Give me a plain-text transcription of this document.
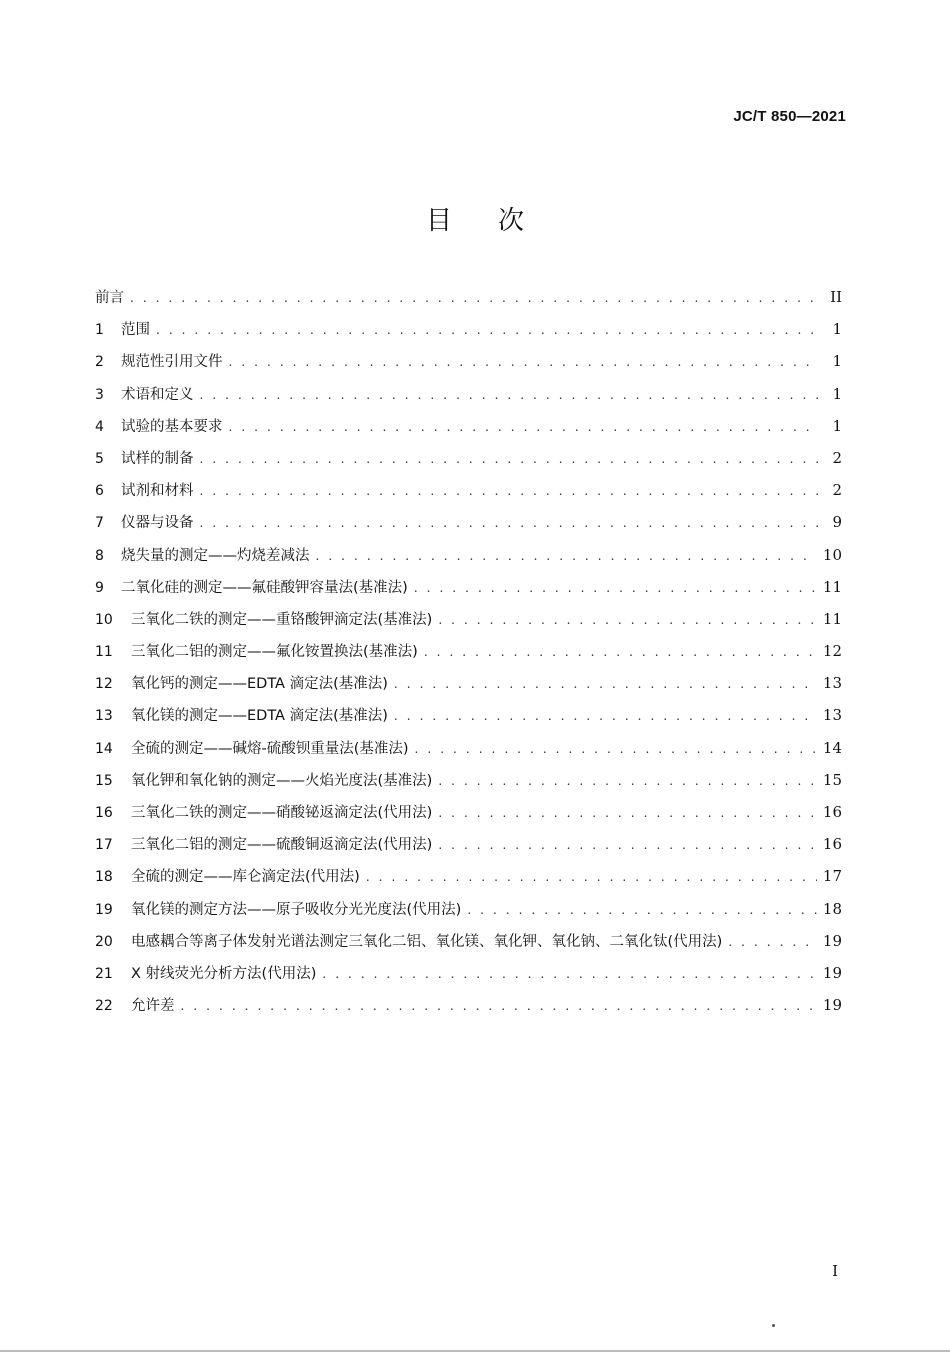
JC/T 850—2021
目次
前言 . . .	II
1	范围 . . .	1
2	规范性引用文件 . . .	1
3	术语和定义 . . .	1
4	试验的基本要求 . . .	1
5	试样的制备 . . .	2
6	试剂和材料 . . .	2
7	仪器与设备 . . .	9
8	烧失量的测定——灼烧差减法 . . .	10
9	二氧化硅的测定——氟硅酸钾容量法(基准法) . . .	11
10	三氧化二铁的测定——重铬酸钾滴定法(基准法) . . .	11
11	三氧化二铝的测定——氟化铵置换法(基准法) . . .	12
12	氧化钙的测定——EDTA 滴定法(基准法) . . .	13
13	氧化镁的测定——EDTA 滴定法(基准法) . . .	13
14	全硫的测定——碱熔-硫酸钡重量法(基准法) . . .	14
15	氧化钾和氧化钠的测定——火焰光度法(基准法) . . .	15
16	三氧化二铁的测定——硝酸铋返滴定法(代用法) . . .	16
17	三氧化二铝的测定——硫酸铜返滴定法(代用法) . . .	16
18	全硫的测定——库仑滴定法(代用法) . . .	17
19	氧化镁的测定方法——原子吸收分光光度法(代用法) . . .	18
20	电感耦合等离子体发射光谱法测定三氧化二铝、氧化镁、氧化钾、氧化钠、二氧化钛(代用法) . . .	19
21	X 射线荧光分析方法(代用法) . . .	19
22	允许差 . . .	19
I
